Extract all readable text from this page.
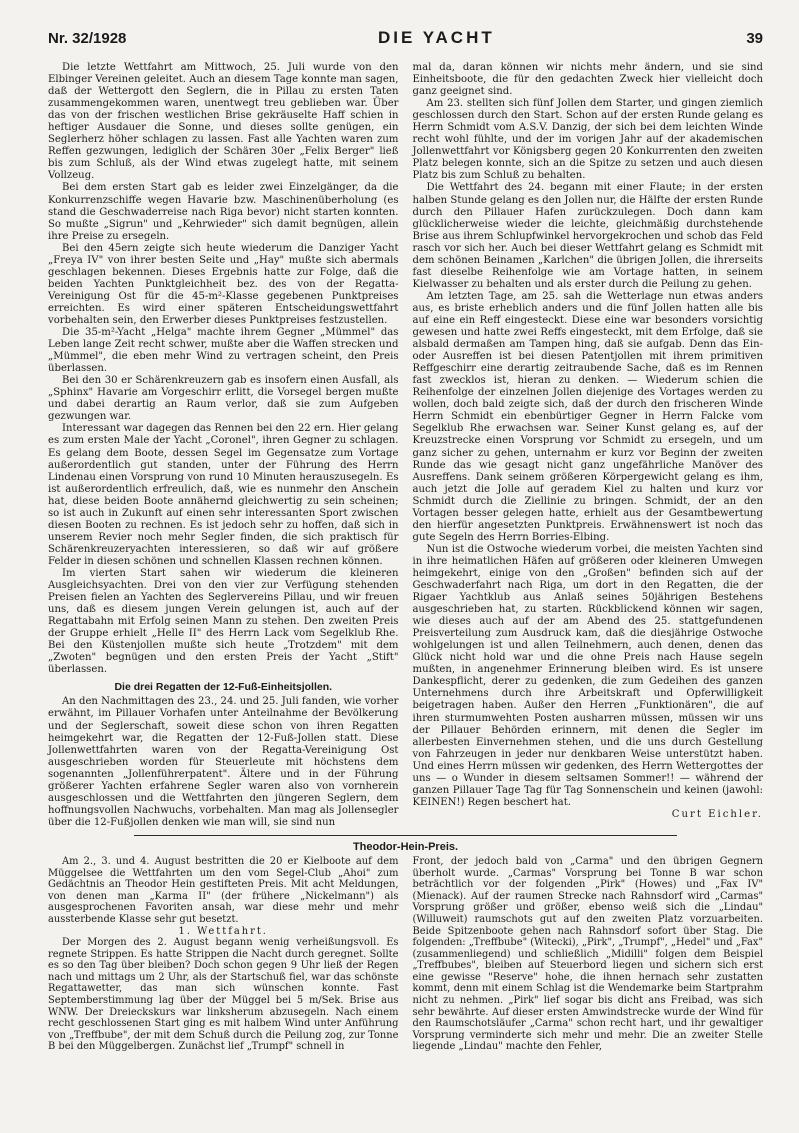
Nr. 32/1928	DIE YACHT	39

Die letzte Wettfahrt am Mittwoch, 25. Juli wurde von den Elbinger Vereinen geleitet. Auch an diesem Tage konnte man sagen, daß der Wettergott den Seglern, die in Pillau zu ersten Taten zusammengekommen waren, unentwegt treu geblieben war. Über das von der frischen westlichen Brise gekräuselte Haff schien in heftiger Ausdauer die Sonne, und dieses sollte genügen, ein Seglerherz höher schlagen zu lassen. Fast alle Yachten waren zum Reffen gezwungen, lediglich der Schären 30er „Felix Berger" ließ bis zum Schluß, als der Wind etwas zugelegt hatte, mit seinem Vollzeug.

Bei dem ersten Start gab es leider zwei Einzelgänger, da die Konkurrenzschiffe wegen Havarie bzw. Maschinenüberholung (es stand die Geschwaderreise nach Riga bevor) nicht starten konnten. So mußte „Sigrun" und „Kehrwieder" sich damit begnügen, allein ihre Preise zu ersegeln.

Bei den 45ern zeigte sich heute wiederum die Danziger Yacht „Freya IV" von ihrer besten Seite und „Hay" mußte sich abermals geschlagen bekennen. Dieses Ergebnis hatte zur Folge, daß die beiden Yachten Punktgleichheit bez. des von der Regatta-Vereinigung Ost für die 45-m²-Klasse gegebenen Punktpreises erreichten. Es wird einer späteren Entscheidungswettfahrt vorbehalten sein, den Erwerber dieses Punktpreises festzustellen.

Die 35-m²-Yacht „Helga" machte ihrem Gegner „Mümmel" das Leben lange Zeit recht schwer, mußte aber die Waffen strecken und „Mümmel", die eben mehr Wind zu vertragen scheint, den Preis überlassen.

Bei den 30 er Schärenkreuzern gab es insofern einen Ausfall, als „Sphinx" Havarie am Vorgeschirr erlitt, die Vorsegel bergen mußte und dabei derartig an Raum verlor, daß sie zum Aufgeben gezwungen war.

Interessant war dagegen das Rennen bei den 22 ern. Hier gelang es zum ersten Male der Yacht „Coronel", ihren Gegner zu schlagen. Es gelang dem Boote, dessen Segel im Gegensatze zum Vortage außerordentlich gut standen, unter der Führung des Herrn Lindenau einen Vorsprung von rund 10 Minuten herauszusegeln. Es ist außerordentlich erfreulich, daß, wie es nunmehr den Anschein hat, diese beiden Boote annähernd gleichwertig zu sein scheinen; so ist auch in Zukunft auf einen sehr interessanten Sport zwischen diesen Booten zu rechnen. Es ist jedoch sehr zu hoffen, daß sich in unserem Revier noch mehr Segler finden, die sich praktisch für Schärenkreuzeryachten interessieren, so daß wir auf größere Felder in diesen schönen und schnellen Klassen rechnen können.

Im vierten Start sahen wir wiederum die kleineren Ausgleichsyachten. Drei von den vier zur Verfügung stehenden Preisen fielen an Yachten des Seglervereins Pillau, und wir freuen uns, daß es diesem jungen Verein gelungen ist, auch auf der Regattabahn mit Erfolg seinen Mann zu stehen. Den zweiten Preis der Gruppe erhielt „Helle II" des Herrn Lack vom Segelklub Rhe. Bei den Küstenjollen mußte sich heute „Trotzdem" mit dem „Zwoten" begnügen und den ersten Preis der Yacht „Stift" überlassen.

Die drei Regatten der 12-Fuß-Einheitsjollen.

An den Nachmittagen des 23., 24. und 25. Juli fanden, wie vorher erwähnt, im Pillauer Vorhafen unter Anteilnahme der Bevölkerung und der Seglerschaft, soweit diese schon von ihren Regatten heimgekehrt war, die Regatten der 12-Fuß-Jollen statt. Diese Jollenwettfahrten waren von der Regatta-Vereinigung Ost ausgeschrieben worden für Steuerleute mit höchstens dem sogenannten „Jollenführerpatent". Ältere und in der Führung größerer Yachten erfahrene Segler waren also von vornherein ausgeschlossen und die Wettfahrten den jüngeren Seglern, dem hoffnungsvollen Nachwuchs, vorbehalten. Man mag als Jollensegler über die 12-Fußjollen denken wie man will, sie sind nun

mal da, daran können wir nichts mehr ändern, und sie sind Einheitsboote, die für den gedachten Zweck hier vielleicht doch ganz geeignet sind.

Am 23. stellten sich fünf Jollen dem Starter, und gingen ziemlich geschlossen durch den Start. Schon auf der ersten Runde gelang es Herrn Schmidt vom A.S.V. Danzig, der sich bei dem leichten Winde recht wohl fühlte, und der im vorigen Jahr auf der akademischen Jollenwettfahrt vor Königsberg gegen 20 Konkurrenten den zweiten Platz belegen konnte, sich an die Spitze zu setzen und auch diesen Platz bis zum Schluß zu behalten.

Die Wettfahrt des 24. begann mit einer Flaute; in der ersten halben Stunde gelang es den Jollen nur, die Hälfte der ersten Runde durch den Pillauer Hafen zurückzulegen. Doch dann kam glücklicherweise wieder die leichte, gleichmäßig durchstehende Brise aus ihrem Schlupfwinkel hervorgekrochen und schob das Feld rasch vor sich her. Auch bei dieser Wettfahrt gelang es Schmidt mit dem schönen Beinamen „Karlchen" die übrigen Jollen, die ihrerseits fast dieselbe Reihenfolge wie am Vortage hatten, in seinem Kielwasser zu behalten und als erster durch die Peilung zu gehen.

Am letzten Tage, am 25. sah die Wetterlage nun etwas anders aus, es briste erheblich anders und die fünf Jollen hatten alle bis auf eine ein Reff eingesteckt. Diese eine war besonders vorsichtig gewesen und hatte zwei Reffs eingesteckt, mit dem Erfolge, daß sie alsbald dermaßen am Tampen hing, daß sie aufgab. Denn das Ein- oder Ausreffen ist bei diesen Patentjollen mit ihrem primitiven Reffgeschirr eine derartig zeitraubende Sache, daß es im Rennen fast zwecklos ist, hieran zu denken. — Wiederum schien die Reihenfolge der einzelnen Jollen diejenige des Vortages werden zu wollen, doch bald zeigte sich, daß der durch den frischeren Winde Herrn Schmidt ein ebenbürtiger Gegner in Herrn Falcke vom Segelklub Rhe erwachsen war. Seiner Kunst gelang es, auf der Kreuzstrecke einen Vorsprung vor Schmidt zu ersegeln, und um ganz sicher zu gehen, unternahm er kurz vor Beginn der zweiten Runde das wie gesagt nicht ganz ungefährliche Manöver des Ausreffens. Dank seinem größeren Körpergewicht gelang es ihm, auch jetzt die Jolle auf geradem Kiel zu halten und kurz vor Schmidt durch die Ziellinie zu bringen. Schmidt, der an den Vortagen besser gelegen hatte, erhielt aus der Gesamtbewertung den hierfür angesetzten Punktpreis. Erwähnenswert ist noch das gute Segeln des Herrn Borries-Elbing.

Nun ist die Ostwoche wiederum vorbei, die meisten Yachten sind in ihre heimatlichen Häfen auf größeren oder kleineren Umwegen heimgekehrt, einige von den „Großen" befinden sich auf der Geschwaderfahrt nach Riga, um dort in den Regatten, die der Rigaer Yachtklub aus Anlaß seines 50jährigen Bestehens ausgeschrieben hat, zu starten. Rückblickend können wir sagen, wie dieses auch auf der am Abend des 25. stattgefundenen Preisverteilung zum Ausdruck kam, daß die diesjährige Ostwoche wohlgelungen ist und allen Teilnehmern, auch denen, denen das Glück nicht hold war und die ohne Preis nach Hause segeln mußten, in angenehmer Erinnerung bleiben wird. Es ist unsere Dankespflicht, derer zu gedenken, die zum Gedeihen des ganzen Unternehmens durch ihre Arbeitskraft und Opferwilligkeit beigetragen haben. Außer den Herren „Funktionären", die auf ihren sturmumwehten Posten ausharren müssen, müssen wir uns der Pillauer Behörden erinnern, mit denen die Segler im allerbesten Einvernehmen stehen, und die uns durch Gestellung von Fahrzeugen in jeder nur denkbaren Weise unterstützt haben. Und eines Herrn müssen wir gedenken, des Herrn Wettergottes der uns — o Wunder in diesem seltsamen Sommer!! — während der ganzen Pillauer Tage Tag für Tag Sonnenschein und keinen (jawohl: KEINEN!) Regen beschert hat.

Curt Eichler.
Theodor-Hein-Preis.

Am 2., 3. und 4. August bestritten die 20 er Kielboote auf dem Müggelsee die Wettfahrten um den vom Segel-Club „Ahoi" zum Gedächtnis an Theodor Hein gestifteten Preis. Mit acht Meldungen, von denen man „Karma II" (der frühere „Nickelmann") als ausgesprochenen Favoriten ansah, war diese mehr und mehr aussterbende Klasse sehr gut besetzt.

1. Wettfahrt.

Der Morgen des 2. August begann wenig verheißungsvoll. Es regnete Strippen. Es hatte Strippen die Nacht durch geregnet. Sollte es so den Tag über bleiben? Doch schon gegen 9 Uhr ließ der Regen nach und mittags um 2 Uhr, als der Startschuß fiel, war das schönste Regattawetter, das man sich wünschen konnte. Fast Septemberstimmung lag über der Müggel bei 5 m/Sek. Brise aus WNW. Der Dreieckskurs war linksherum abzusegeln. Nach einem recht geschlossenen Start ging es mit halbem Wind unter Anführung von „Treffbube", der mit dem Schuß durch die Peilung zog, zur Tonne B bei den Müggelbergen. Zunächst lief „Trumpf" schnell in

Front, der jedoch bald von „Carma" und den übrigen Gegnern überholt wurde. „Carmas" Vorsprung bei Tonne B war schon beträchtlich vor der folgenden „Pirk" (Howes) und „Fax IV" (Mienack). Auf der raumen Strecke nach Rahnsdorf wird „Carmas" Vorsprung größer und größer, ebenso weiß sich die „Lindau" (Willuweit) raumschots gut auf den zweiten Platz vorzuarbeiten. Beide Spitzenboote gehen nach Rahnsdorf sofort über Stag. Die folgenden: „Treffbube" (Witecki), „Pirk", „Trumpf", „Hedel" und „Fax" (zusammenliegend) und schließlich „Midilli" folgen dem Beispiel „Treffbubes", bleiben auf Steuerbord liegen und sichern sich erst eine gewisse "Reserve" hohe, die ihnen hernach sehr zustatten kommt, denn mit einem Schlag ist die Wendemarke beim Startprahm nicht zu nehmen. „Pirk" lief sogar bis dicht ans Freibad, was sich sehr bewährte. Auf dieser ersten Amwindstrecke wurde der Wind für den Raumschotsläufer „Carma" schon recht hart, und ihr gewaltiger Vorsprung verminderte sich mehr und mehr. Die an zweiter Stelle liegende „Lindau" machte den Fehler,
